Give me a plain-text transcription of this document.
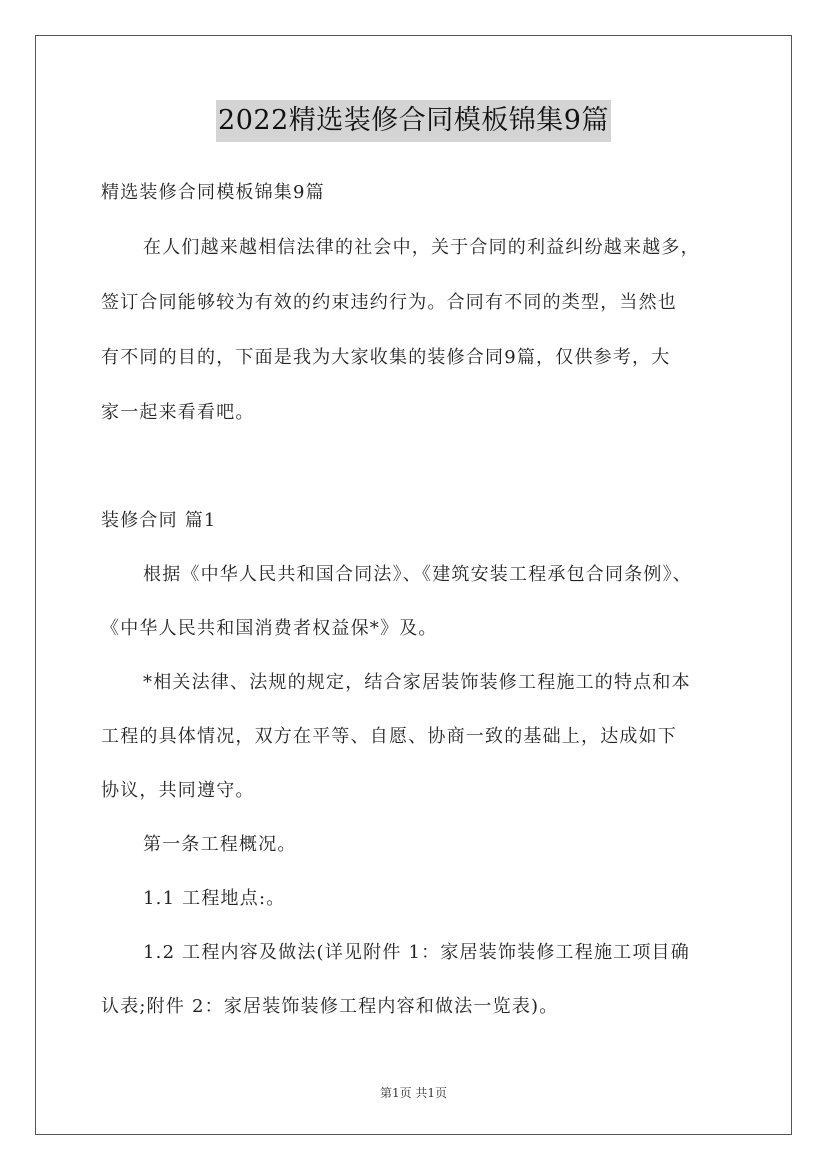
2022精选装修合同模板锦集9篇
精选装修合同模板锦集9篇
在人们越来越相信法律的社会中，关于合同的利益纠纷越来越多，
签订合同能够较为有效的约束违约行为。合同有不同的类型，当然也
有不同的目的，下面是我为大家收集的装修合同9篇，仅供参考，大
家一起来看看吧。
装修合同 篇1
根据《中华人民共和国合同法》、《建筑安装工程承包合同条例》、
《中华人民共和国消费者权益保*》及。
*相关法律、法规的规定，结合家居装饰装修工程施工的特点和本
工程的具体情况，双方在平等、自愿、协商一致的基础上，达成如下
协议，共同遵守。
第一条工程概况。
1.1 工程地点:。
1.2 工程内容及做法(详见附件 1：家居装饰装修工程施工项目确
认表;附件 2：家居装饰装修工程内容和做法一览表)。
第1页 共1页
